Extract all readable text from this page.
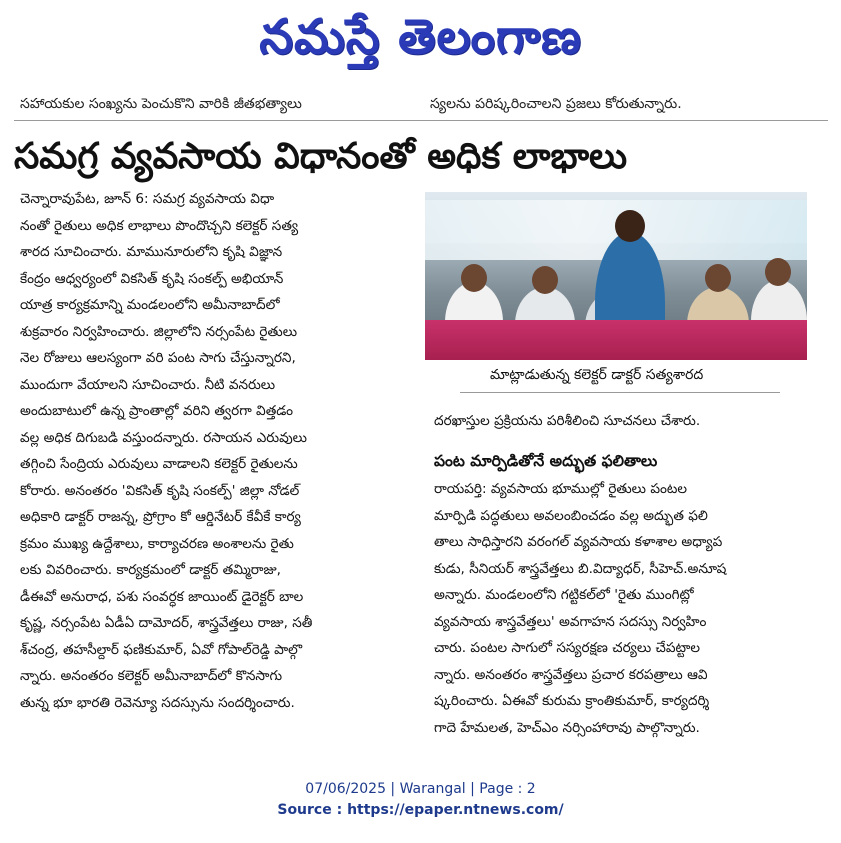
నమస్తే తెలంగాణ
సహాయకుల సంఖ్యను పెంచుకొని వారికి జీతభత్యాలు	స్యలను పరిష్కరించాలని ప్రజలు కోరుతున్నారు.
సమగ్ర వ్యవసాయ విధానంతో అధిక లాభాలు

చెన్నారావుపేట, జూన్ 6: సమగ్ర వ్యవసాయ విధా
నంతో రైతులు అధిక లాభాలు పొందొచ్చని కలెక్టర్ సత్య
శారద సూచించారు. మామునూరులోని కృషి విజ్ఞాన
కేంద్రం ఆధ్వర్యంలో వికసిత్ కృషి సంకల్ప్ అభియాన్
యాత్ర కార్యక్రమాన్ని మండలంలోని అమీనాబాద్‌లో
శుక్రవారం నిర్వహించారు. జిల్లాలోని నర్సంపేట రైతులు
నెల రోజులు ఆలస్యంగా వరి పంట సాగు చేస్తున్నారని,
ముందుగా వేయాలని సూచించారు. నీటి వనరులు
అందుబాటులో ఉన్న ప్రాంతాల్లో వరిని త్వరగా విత్తడం
వల్ల అధిక దిగుబడి వస్తుందన్నారు. రసాయన ఎరువులు
తగ్గించి సేంద్రియ ఎరువులు వాడాలని కలెక్టర్ రైతులను
కోరారు. అనంతరం 'వికసిత్ కృషి సంకల్ప్' జిల్లా నోడల్
అధికారి డాక్టర్ రాజన్న, ప్రోగ్రాం కో ఆర్డినేటర్ కేవీకే కార్య
క్రమం ముఖ్య ఉద్దేశాలు, కార్యాచరణ అంశాలను రైతు
లకు వివరించారు. కార్యక్రమంలో డాక్టర్ తమ్మిరాజు,
డీఈవో అనురాధ, పశు సంవర్ధక జాయింట్ డైరెక్టర్ బాల
కృష్ణ, నర్సంపేట ఏడీఏ దామోదర్, శాస్త్రవేత్తలు రాజు, సతీ
శ్‌చంద్ర, తహసీల్దార్ ఫణికుమార్, ఏవో గోపాల్‌రెడ్డి పాల్గొ
న్నారు. అనంతరం కలెక్టర్ అమీనాబాద్‌లో కొనసాగు
తున్న భూ భారతి రెవెన్యూ సదస్సును సందర్శించారు.

మాట్లాడుతున్న కలెక్టర్ డాక్టర్ సత్యశారద
దరఖాస్తుల ప్రక్రియను పరిశీలించి సూచనలు చేశారు.
పంట మార్పిడితోనే అద్భుత ఫలితాలు
రాయపర్తి: వ్యవసాయ భూముల్లో రైతులు పంటల
మార్పిడి పద్ధతులు అవలంబించడం వల్ల అద్భుత ఫలి
తాలు సాధిస్తారని వరంగల్ వ్యవసాయ కళాశాల అధ్యాప
కుడు, సీనియర్ శాస్త్రవేత్తలు బి.విద్యాధర్, సీహెచ్.అనూష
అన్నారు. మండలంలోని గట్టికల్‌లో 'రైతు ముంగిట్లో
వ్యవసాయ శాస్త్రవేత్తలు' అవగాహన సదస్సు నిర్వహిం
చారు. పంటల సాగులో సస్యరక్షణ చర్యలు చేపట్టాల
న్నారు. అనంతరం శాస్త్రవేత్తలు ప్రచార కరపత్రాలు ఆవి
ష్కరించారు. ఏఈవో కురుమ క్రాంతికుమార్, కార్యదర్శి
గాదె హేమలత, హెచ్‌ఎం నర్సింహారావు పాల్గొన్నారు.
07/06/2025 | Warangal | Page : 2
Source : https://epaper.ntnews.com/
